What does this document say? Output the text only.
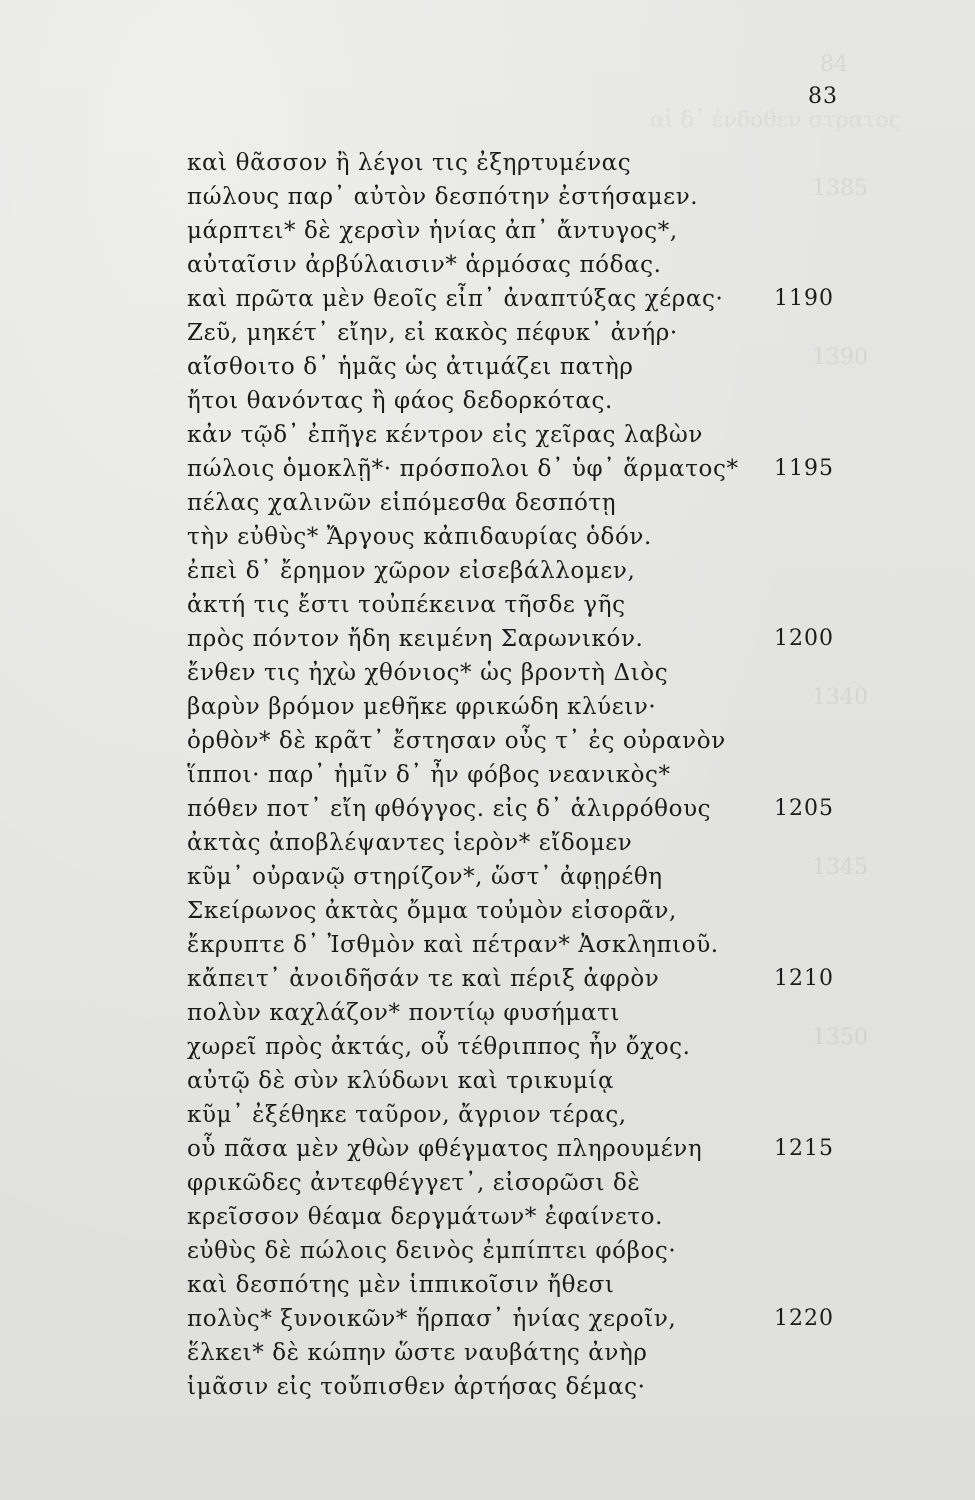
84
αἱ δ᾽ ἐνδοθεν στρατος
1385
1390
1340
1345
1350
83
καὶ θᾶσσον ἢ λέγοι τις ἐξηρτυμένας
πώλους παρ᾽ αὐτὸν δεσπότην ἐστήσαμεν.
μάρπτει* δὲ χερσὶν ἡνίας ἀπ᾽ ἄντυγος*,
αὐταῖσιν ἀρβύλαισιν* ἁρμόσας πόδας.
καὶ πρῶτα μὲν θεοῖς εἶπ᾽ ἀναπτύξας χέρας· 1190
Ζεῦ, μηκέτ᾽ εἴην, εἰ κακὸς πέφυκ᾽ ἀνήρ·
αἴσθοιτο δ᾽ ἡμᾶς ὡς ἀτιμάζει πατὴρ
ἤτοι θανόντας ἢ φάος δεδορκότας.
κἀν τῷδ᾽ ἐπῆγε κέντρον εἰς χεῖρας λαβὼν
πώλοις ὁμοκλῇ*· πρόσπολοι δ᾽ ὑφ᾽ ἅρματος* 1195
πέλας χαλινῶν εἱπόμεσθα δεσπότῃ
τὴν εὐθὺς* Ἄργους κἀπιδαυρίας ὁδόν.
ἐπεὶ δ᾽ ἔρημον χῶρον εἰσεβάλλομεν,
ἀκτή τις ἔστι τοὐπέκεινα τῆσδε γῆς
πρὸς πόντον ἤδη κειμένη Σαρωνικόν.	1200
ἔνθεν τις ἠχὼ χθόνιος* ὡς βροντὴ Διὸς
βαρὺν βρόμον μεθῆκε φρικώδη κλύειν·
ὀρθὸν* δὲ κρᾶτ᾽ ἔστησαν οὖς τ᾽ ἐς οὐρανὸν
ἵπποι· παρ᾽ ἡμῖν δ᾽ ἦν φόβος νεανικὸς*
πόθεν ποτ᾽ εἴη φθόγγος. εἰς δ᾽ ἁλιρρόθους	1205
ἀκτὰς ἀποβλέψαντες ἱερὸν* εἴδομεν
κῦμ᾽ οὐρανῷ στηρίζον*, ὥστ᾽ ἀφῃρέθη
Σκείρωνος ἀκτὰς ὄμμα τοὐμὸν εἰσορᾶν,
ἔκρυπτε δ᾽ Ἰσθμὸν καὶ πέτραν* Ἀσκληπιοῦ.
κἄπειτ᾽ ἀνοιδῆσάν τε καὶ πέριξ ἀφρὸν	1210
πολὺν καχλάζον* ποντίῳ φυσήματι
χωρεῖ πρὸς ἀκτάς, οὗ τέθριππος ἦν ὄχος.
αὐτῷ δὲ σὺν κλύδωνι καὶ τρικυμίᾳ
κῦμ᾽ ἐξέθηκε ταῦρον, ἄγριον τέρας,
οὗ πᾶσα μὲν χθὼν φθέγματος πληρουμένη	1215
φρικῶδες ἀντεφθέγγετ᾽, εἰσορῶσι δὲ
κρεῖσσον θέαμα δεργμάτων* ἐφαίνετο.
εὐθὺς δὲ πώλοις δεινὸς ἐμπίπτει φόβος·
καὶ δεσπότης μὲν ἱππικοῖσιν ἤθεσι
πολὺς* ξυνοικῶν* ἥρπασ᾽ ἡνίας χεροῖν,	1220
ἕλκει* δὲ κώπην ὥστε ναυβάτης ἀνὴρ
ἱμᾶσιν εἰς τοὔπισθεν ἀρτήσας δέμας·
